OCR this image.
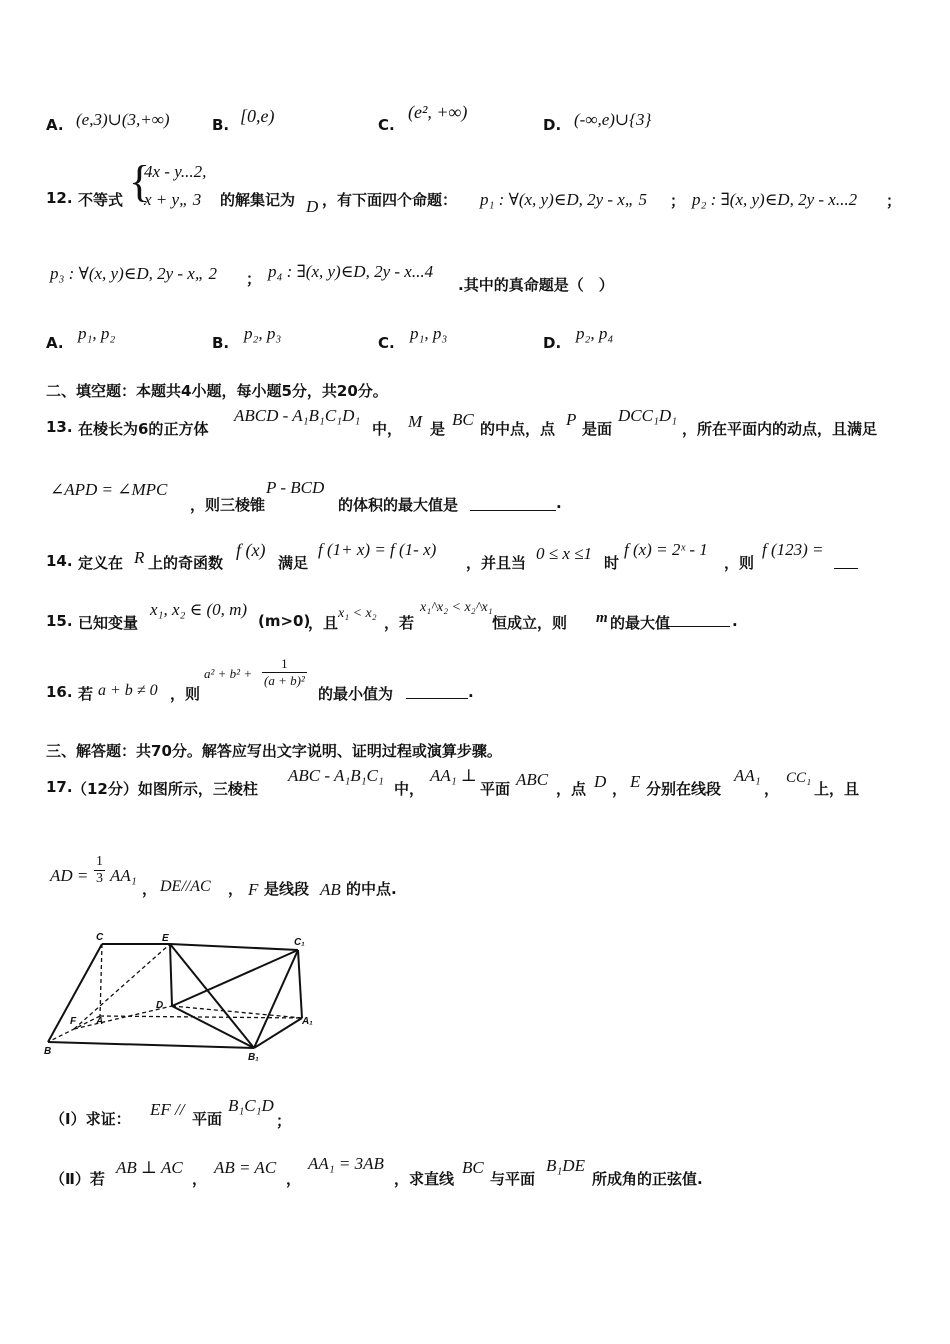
A. (e,3)∪(3,+∞)	B. [0,e)	C.
(e², +∞)
D. (-∞,e)∪{3}
12. 不等式 {
4x - y...2,
x + y„ 3 的解集记为 D ，有下面四个命题： p₁ : ∀(x, y)∈D, 2y - x„ 5 ； p₂ : ∃(x, y)∈D, 2y - x...2 ；
p₃ : ∀(x, y)∈D, 2y - x„ 2 ； p₄ : ∃(x, y)∈D, 2y - x...4
.其中的真命题是（　）
A. p₁, p₂	B. p₂, p₃	C. p₁, p₃	D. p₂, p₄
二、填空题：本题共4小题，每小题5分，共20分。
13. 在棱长为6的正方体
ABCD - A₁B₁C₁D₁
中， M 是 BC 的中点，点 P 是面
DCC₁D₁
，所在平面内的动点，且满足
∠APD = ∠MPC
，则三棱锥
P - BCD
的体积的最大值是	.
14. 定义在 R 上的奇函数
f (x)
满足
f (1+ x) = f (1- x)
，并且当 0 ≤ x ≤1 时
f (x) = 2ˣ - 1
，则
f (123) =
15. 已知变量
x₁, x₂ ∈ (0, m)
(m>0)
，且
x₁ < x₂
，若
x₁^x₂ < x₂^x₁
恒成立，则 m 的最大值	.
16. 若 a + b ≠ 0 ，则
$a^2 + b^2 + \frac{1}{\text{(a + b)²}}$
的最小值为	.
三、解答题：共70分。解答应写出文字说明、证明过程或演算步骤。
17. （12分）如图所示，三棱柱
ABC - A₁B₁C₁
中，
AA₁ ⊥
平面 ABC ，点 D ， E 分别在线段
AA₁
，
CC₁
上，且
AD = $\frac{1}{3} AA_1$
， DE//AC ， F 是线段 AB 的中点.
C	E	C₁
D
F A	A₁
B
B₁
（Ⅰ）求证： EF // 平面
B₁C₁D
；
（Ⅱ）若
AB ⊥ AC
，
AB = AC
，
AA₁ = 3AB
，求直线
BC
与平面
B₁DE
所成角的正弦值.
